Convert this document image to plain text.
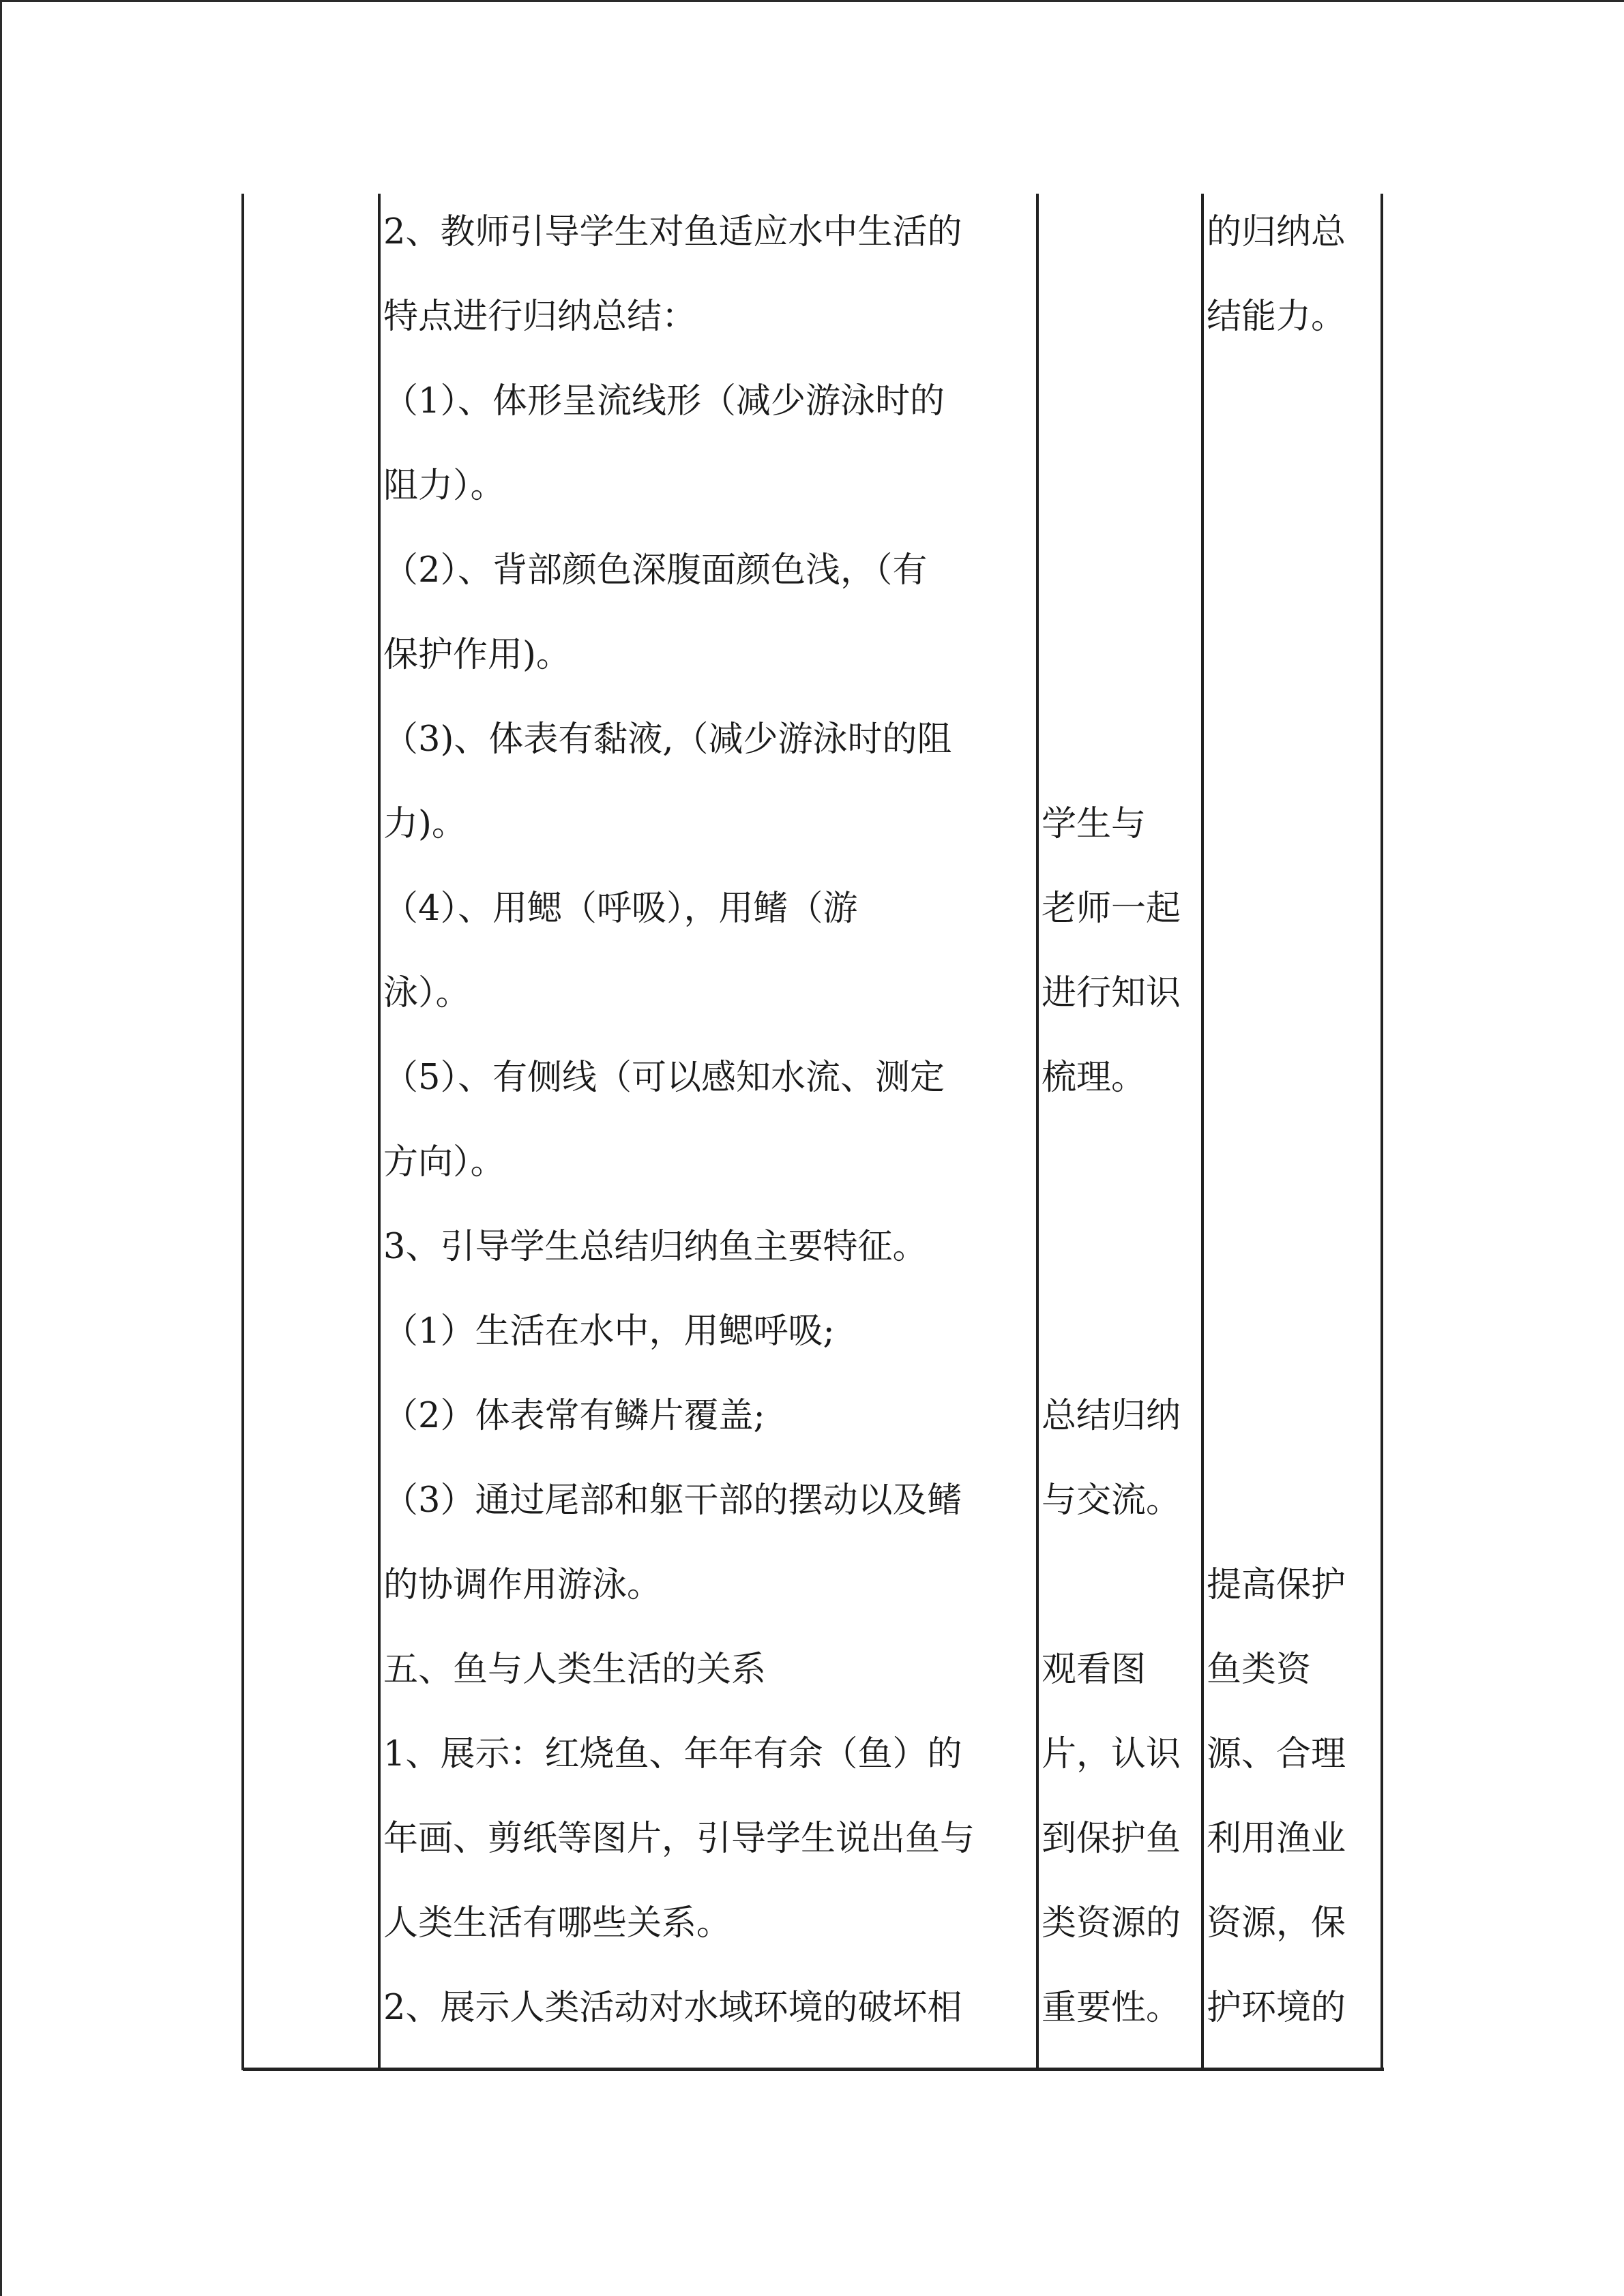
2、教师引导学生对鱼适应水中生活的
特点进行归纳总结：
（1）、体形呈流线形（减少游泳时的
阻力）。
（2）、背部颜色深腹面颜色浅，（有
保护作用)。
（3)、体表有黏液,（减少游泳时的阻
力)。
（4）、用鳃（呼吸），用鳍（游
泳）。
（5）、有侧线（可以感知水流、测定
方向）。
3、引导学生总结归纳鱼主要特征。
（1）生活在水中，用鳃呼吸;
（2）体表常有鳞片覆盖;
（3）通过尾部和躯干部的摆动以及鳍
的协调作用游泳。
五、鱼与人类生活的关系
1、展示：红烧鱼、年年有余（鱼）的
年画、剪纸等图片，引导学生说出鱼与
人类生活有哪些关系。
2、展示人类活动对水域环境的破坏相
学生与
老师一起
进行知识
梳理。
总结归纳
与交流。
观看图
片，认识
到保护鱼
类资源的
重要性。
的归纳总
结能力。
提高保护
鱼类资
源、合理
利用渔业
资源，保
护环境的
